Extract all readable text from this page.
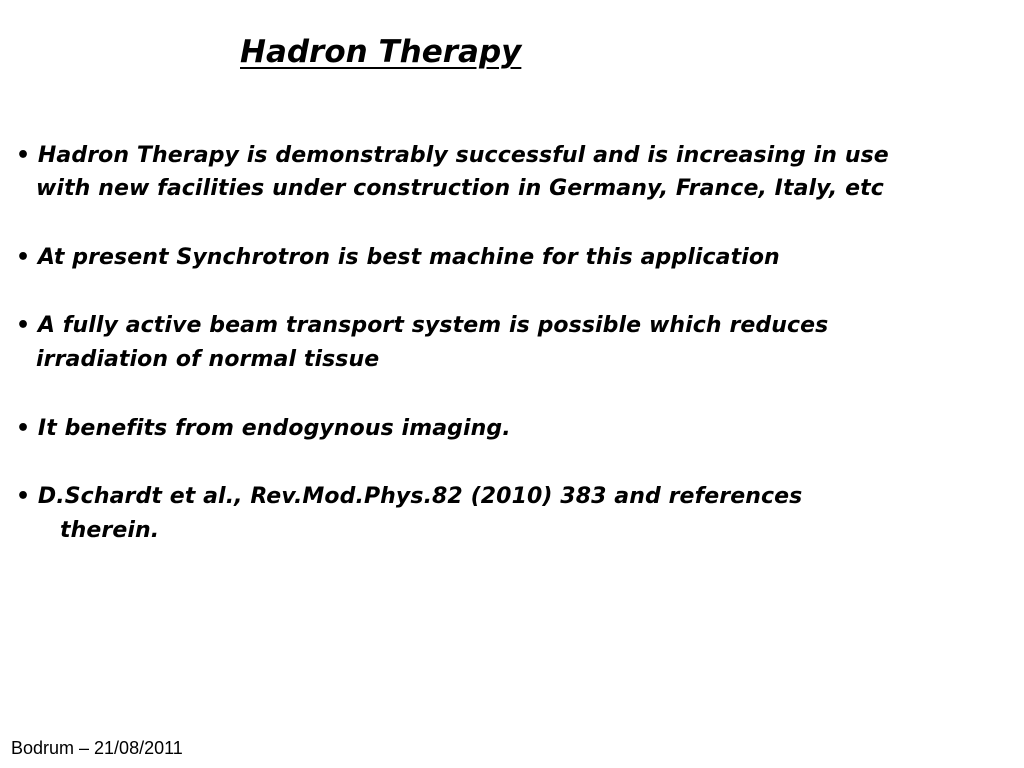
Hadron Therapy
• Hadron Therapy is demonstrably successful and is increasing in use
with new facilities under construction in Germany, France, Italy, etc
• At present Synchrotron is best machine for this application
• A fully active beam transport system is possible which reduces
irradiation of normal tissue
• It benefits from endogynous imaging.
• D.Schardt et al., Rev.Mod.Phys.82 (2010) 383 and references
therein.
Bodrum – 21/08/2011
